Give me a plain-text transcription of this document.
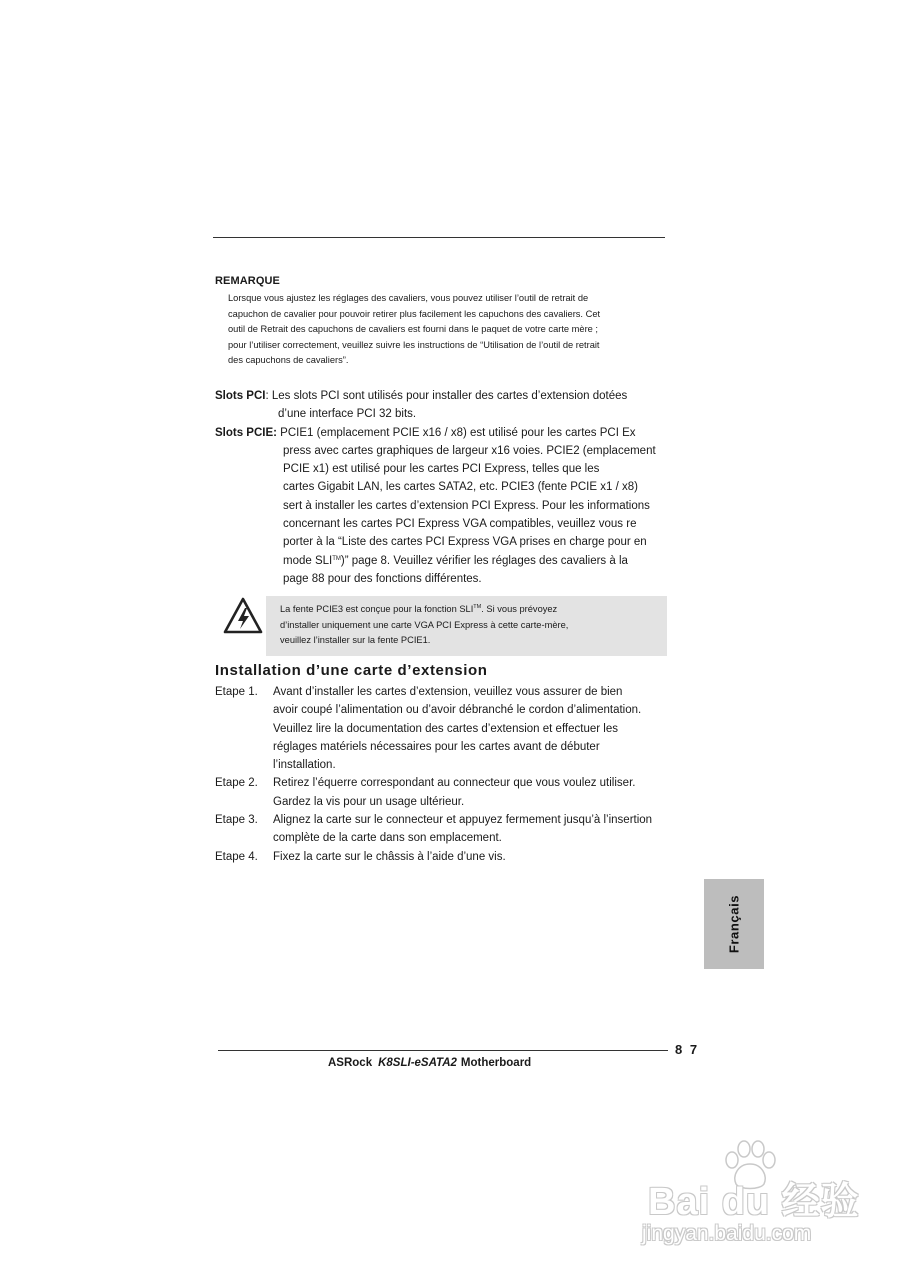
REMARQUE
Lorsque vous ajustez les réglages des cavaliers, vous pouvez utiliser l’outil de retrait de
capuchon de cavalier pour pouvoir retirer plus facilement les capuchons des cavaliers. Cet
outil de Retrait des capuchons de cavaliers est fourni dans le paquet de votre carte mère ;
pour l’utiliser correctement, veuillez suivre les instructions de “Utilisation de l’outil de retrait
des capuchons de cavaliers”.
Slots PCI: Les slots PCI sont utilisés pour installer des cartes d’extension dotées
d’une interface PCI 32 bits.
Slots PCIE: PCIE1 (emplacement PCIE x16 / x8) est utilisé pour les cartes PCI Ex
press avec cartes graphiques de largeur x16 voies. PCIE2 (emplacement
PCIE x1) est utilisé pour les cartes PCI Express, telles que les
cartes Gigabit LAN, les cartes SATA2, etc. PCIE3 (fente PCIE x1 / x8)
sert à installer les cartes d’extension PCI Express. Pour les informations
concernant les cartes PCI Express VGA compatibles, veuillez vous re
porter à la “Liste des cartes PCI Express VGA prises en charge pour en
mode SLI™)” page 8. Veuillez vérifier les réglages des cavaliers à la
page 88 pour des fonctions différentes.
La fente PCIE3 est conçue pour la fonction SLI™. Si vous prévoyez
d’installer uniquement une carte VGA PCI Express à cette carte-mère,
veuillez l’installer sur la fente PCIE1.
Installation d’une carte d’extension
Etape 1.	Avant d’installer les cartes d’extension, veuillez vous assurer de bien
avoir coupé l’alimentation ou d’avoir débranché le cordon d’alimentation.
Veuillez lire la documentation des cartes d’extension et effectuer les
réglages matériels nécessaires pour les cartes avant de débuter
l’installation.
Etape 2.	Retirez l’équerre correspondant au connecteur que vous voulez utiliser.
Gardez la vis pour un usage ultérieur.
Etape 3.	Alignez la carte sur le connecteur et appuyez fermement jusqu’à l’insertion
complète de la carte dans son emplacement.
Etape 4.	Fixez la carte sur le châssis à l’aide d’une vis.
Français
8 7
ASRock K8SLI-eSATA2 Motherboard
Bai du 经验
jingyan.baidu.com
